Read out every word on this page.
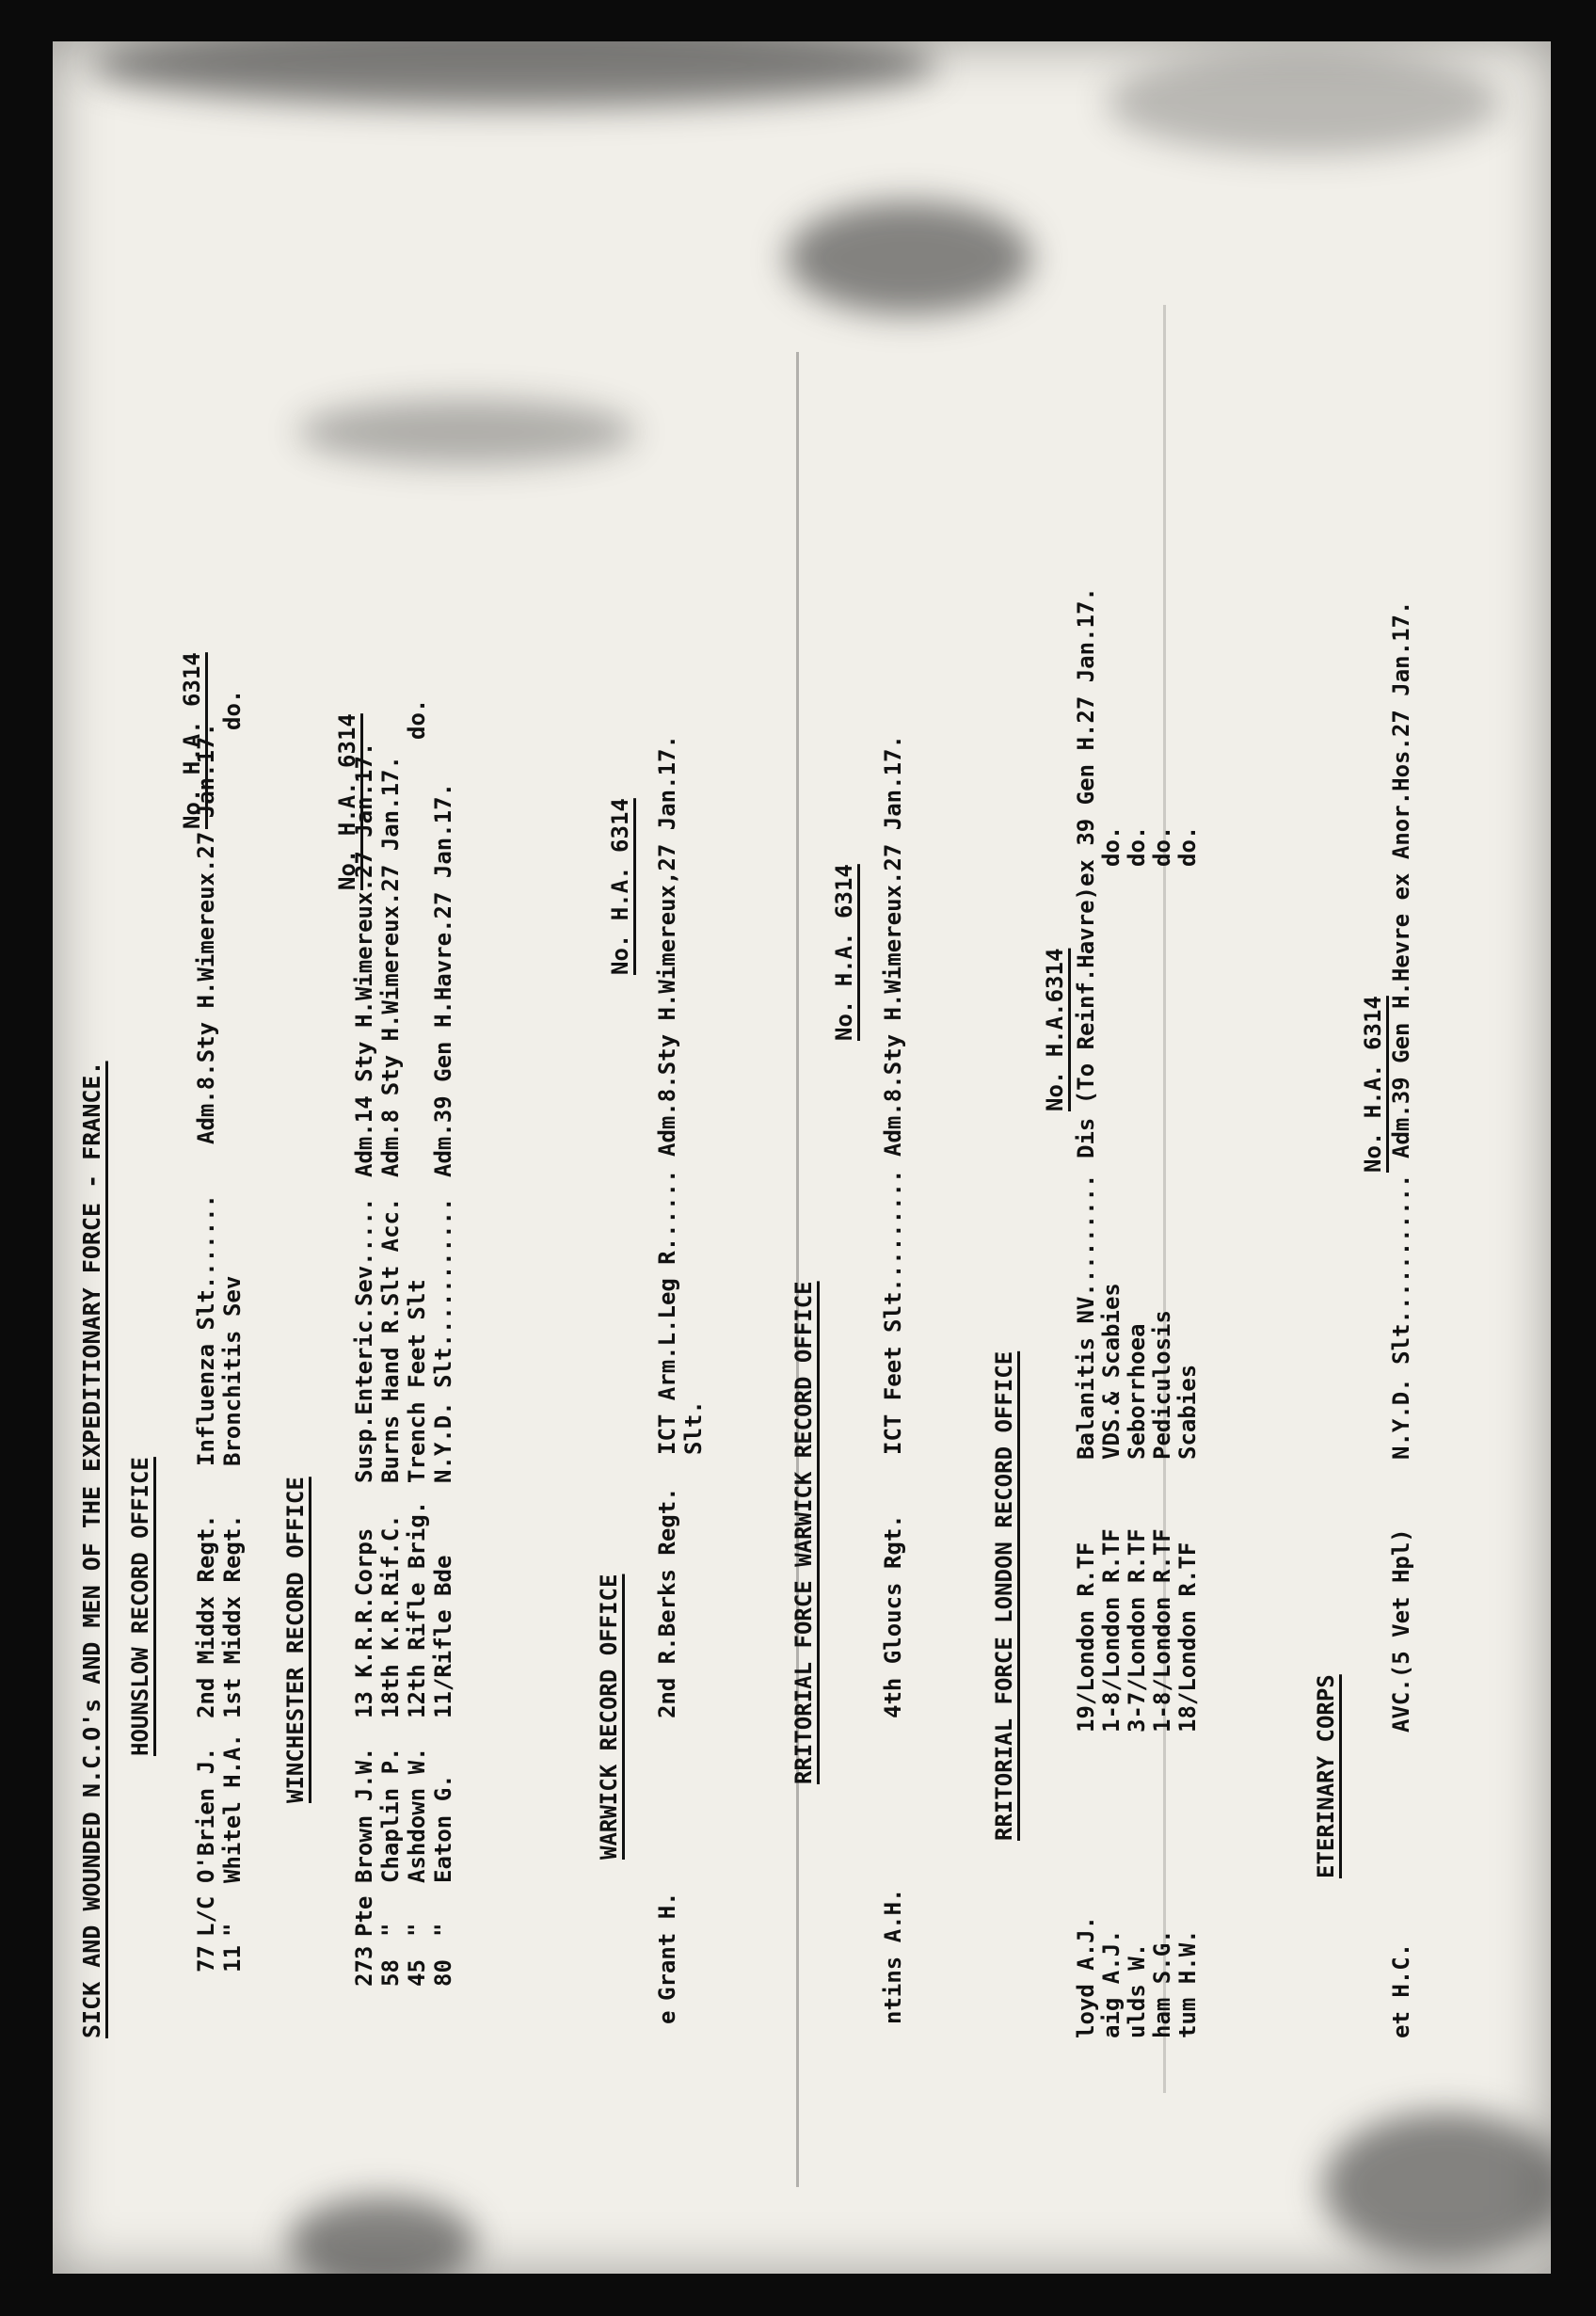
SICK AND WOUNDED N.C.O's AND MEN OF THE EXPEDITIONARY FORCE - FRANCE. HOUNSLOW RECORD OFFICE
No. H.A. 6314
77
L/C
O'Brien J.
2nd Middx Regt.
Influenza Slt.......
Adm.8.Sty H.Wimereux.27 Jan.17.
11
"
Whitel H.A.
1st Middx Regt.
Bronchitis Sev
do.
WINCHESTER RECORD OFFICE
No. H.A. 6314
273
Pte
Brown J.W.
13 K.R.R.Corps
Susp.Enteric.Sev.....
Adm.14 Sty H.Wimereux.27 Jan.17.
58
"
Chaplin P.
18th K.R.Rif.C.
Burns Hand R.Slt Acc.
Adm.8 Sty H.Wimereux.27 Jan.17.
45
"
Ashdown W.
12th Rifle Brig.
Trench Feet Slt
do.
80
"
Eaton G.
11/Rifle Bde
N.Y.D. Slt...........
Adm.39 Gen H.Havre.27 Jan.17.
WARWICK RECORD OFFICE
No. H.A. 6314
e
Grant H.
2nd R.Berks Regt.
ICT Arm.L.Leg R...... Slt.
Adm.8.Sty H.Wimereux,27 Jan.17.
RRITORIAL FORCE WARWICK RECORD OFFICE
No. H.A. 6314
ntins A.H.
4th Gloucs Rgt.
ICT Feet Slt.........
Adm.8.Sty H.Wimereux.27 Jan.17.
RRITORIAL FORCE LONDON RECORD OFFICE
No. H.A.6314
loyd A.J.
19/London R.TF
Balanitis NV.........
Dis (To Reinf.Havre)ex 39 Gen H.27 Jan.17.
aig A.J.
1-8/London R.TF
VDS.& Scabies
do.
ulds W.
3-7/London R.TF
Seborrhoea
do.
ham S.G.
1-8/London R.TF
Pediculosis
do.
tum H.W.
18/London R.TF
Scabies
do.
ETERINARY CORPS
No. H.A. 6314
et H.C.
AVC.(5 Vet Hpl)
N.Y.D. Slt...........
Adm.39 Gen H.Hevre ex Anor.Hos.27 Jan.17.
